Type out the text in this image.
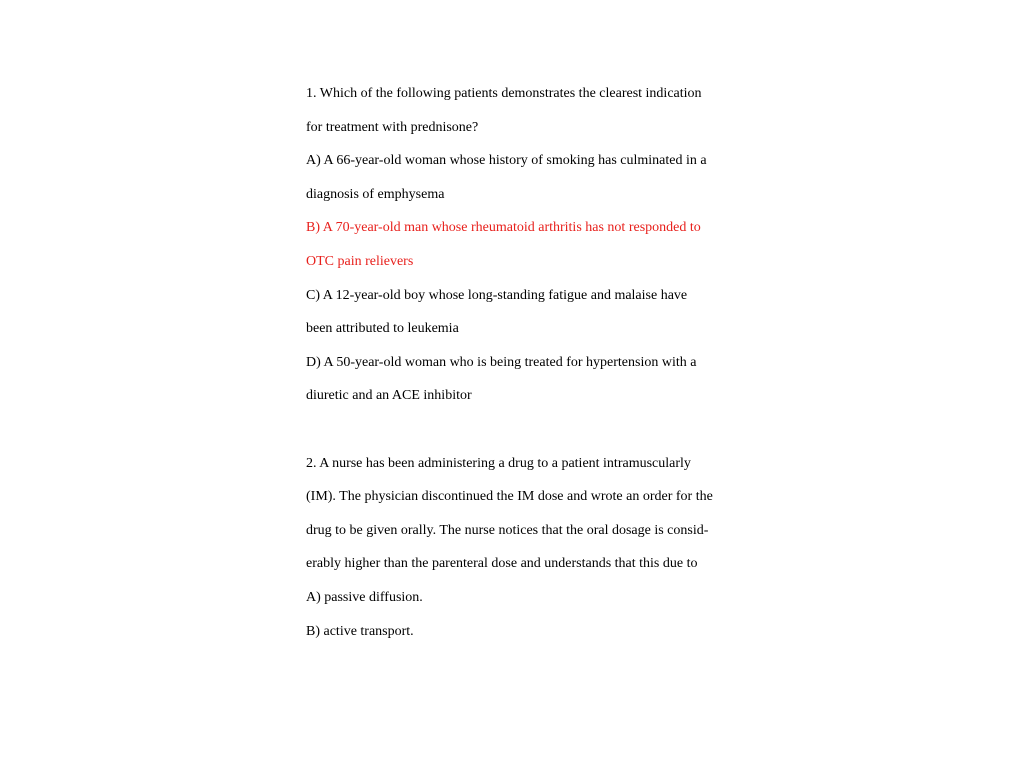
1. Which of the following patients demonstrates the clearest indication
for treatment with prednisone?
A) A 66-year-old woman whose history of smoking has culminated in a
diagnosis of emphysema
B) A 70-year-old man whose rheumatoid arthritis has not responded to
OTC pain relievers
C) A 12-year-old boy whose long-standing fatigue and malaise have
been attributed to leukemia
D) A 50-year-old woman who is being treated for hypertension with a
diuretic and an ACE inhibitor
2. A nurse has been administering a drug to a patient intramuscularly
(IM). The physician discontinued the IM dose and wrote an order for the
drug to be given orally. The nurse notices that the oral dosage is consid-
erably higher than the parenteral dose and understands that this due to
A) passive diffusion.
B) active transport.
